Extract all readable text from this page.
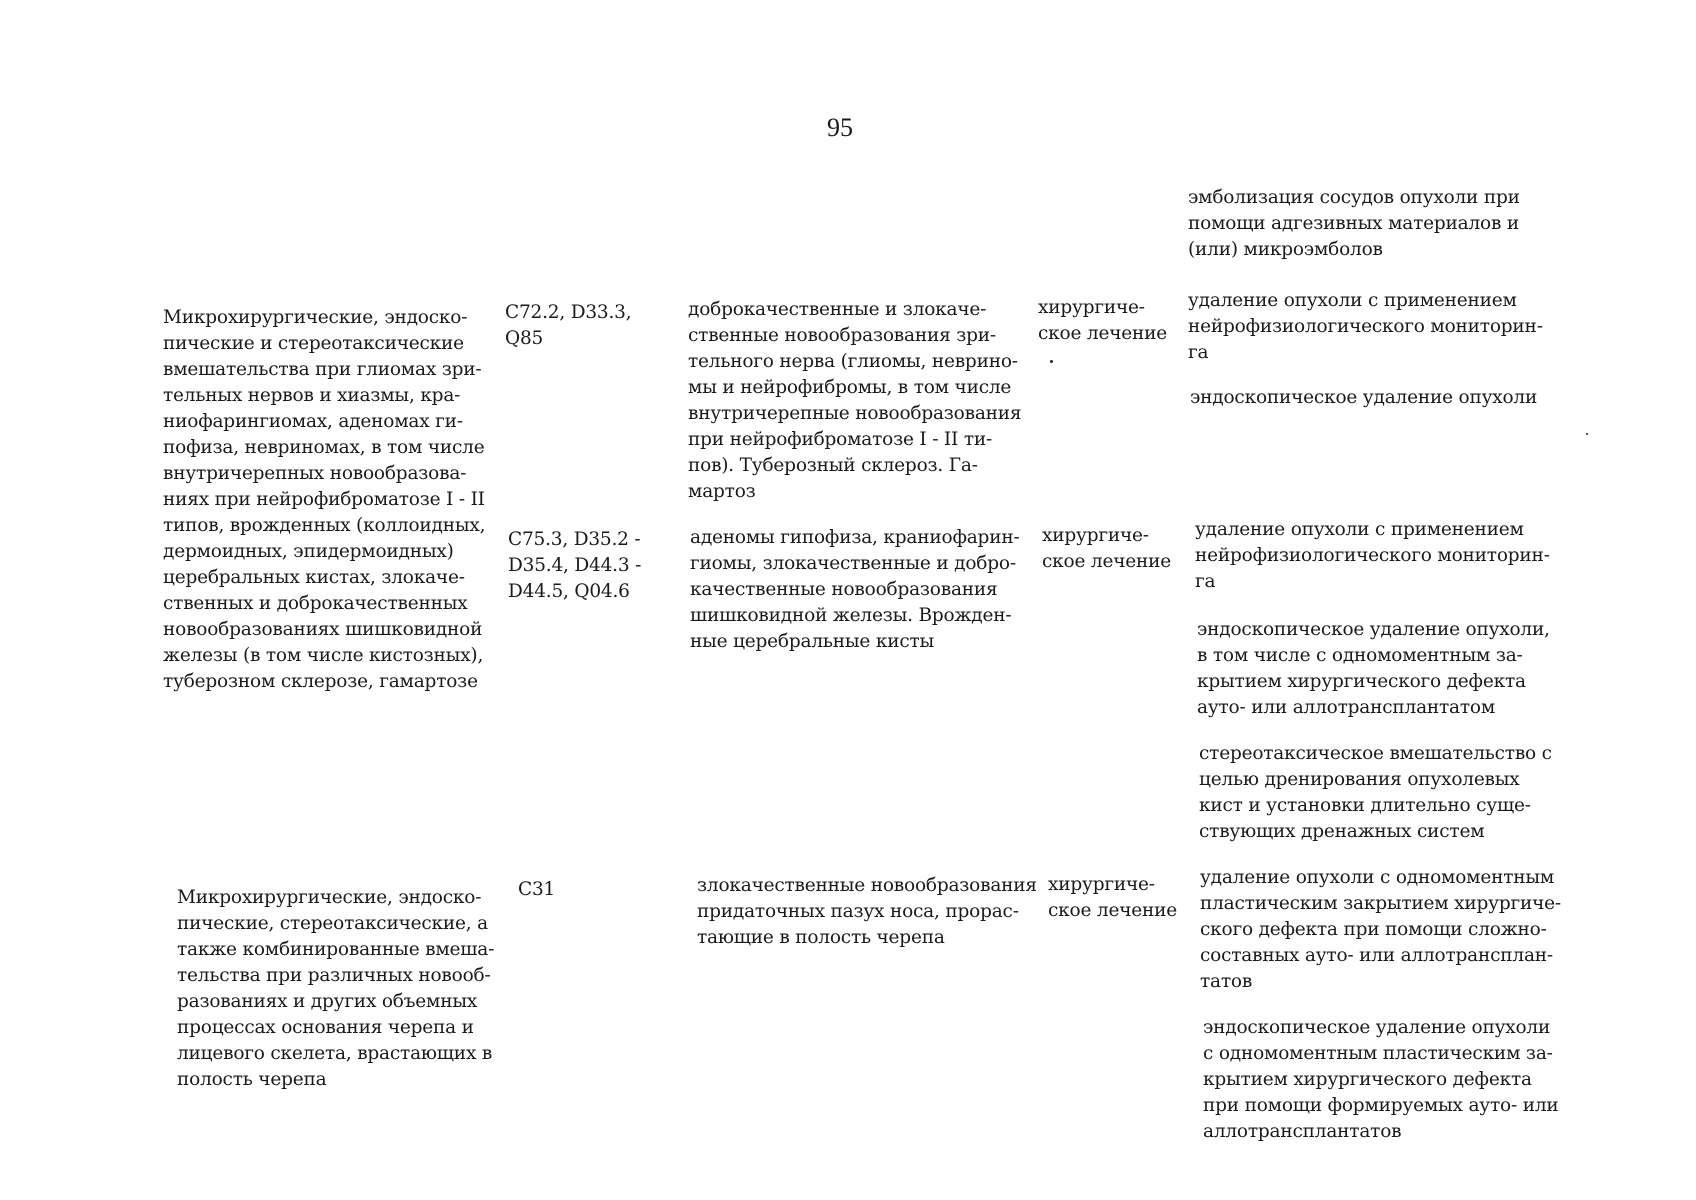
95
эмболизация сосудов опухоли при
помощи адгезивных материалов и
(или) микроэмболов
Микрохирургические, эндоско-
пические и стереотаксические
вмешательства при глиомах зри-
тельных нервов и хиазмы, кра-
ниофарингиомах, аденомах ги-
пофиза, невриномах, в том числе
внутричерепных новообразова-
ниях при нейрофиброматозе I - II
типов, врожденных (коллоидных,
дермоидных, эпидермоидных)
церебральных кистах, злокаче-
ственных и доброкачественных
новообразованиях шишковидной
железы (в том числе кистозных),
туберозном склерозе, гамартозе
C72.2, D33.3,
Q85
доброкачественные и злокаче-
ственные новообразования зри-
тельного нерва (глиомы, неврино-
мы и нейрофибромы, в том числе
внутричерепные новообразования
при нейрофиброматозе I - II ти-
пов). Туберозный склероз. Га-
мартоз
хирургиче-
ское лечение
удаление опухоли с применением
нейрофизиологического мониторин-
га
эндоскопическое удаление опухоли
C75.3, D35.2 -
D35.4, D44.3 -
D44.5, Q04.6
аденомы гипофиза, краниофарин-
гиомы, злокачественные и добро-
качественные новообразования
шишковидной железы. Врожден-
ные церебральные кисты
хирургиче-
ское лечение
удаление опухоли с применением
нейрофизиологического мониторин-
га
эндоскопическое удаление опухоли,
в том числе с одномоментным за-
крытием хирургического дефекта
ауто- или аллотрансплантатом
стереотаксическое вмешательство с
целью дренирования опухолевых
кист и установки длительно суще-
ствующих дренажных систем
Микрохирургические, эндоско-
пические, стереотаксические, а
также комбинированные вмеша-
тельства при различных новооб-
разованиях и других объемных
процессах основания черепа и
лицевого скелета, врастающих в
полость черепа
C31	злокачественные новообразования
придаточных пазух носа, прорас-
тающие в полость черепа
хирургиче-
ское лечение
удаление опухоли с одномоментным
пластическим закрытием хирургиче-
ского дефекта при помощи сложно-
составных ауто- или аллотрансплан-
татов
эндоскопическое удаление опухоли
с одномоментным пластическим за-
крытием хирургического дефекта
при помощи формируемых ауто- или
аллотрансплантатов
